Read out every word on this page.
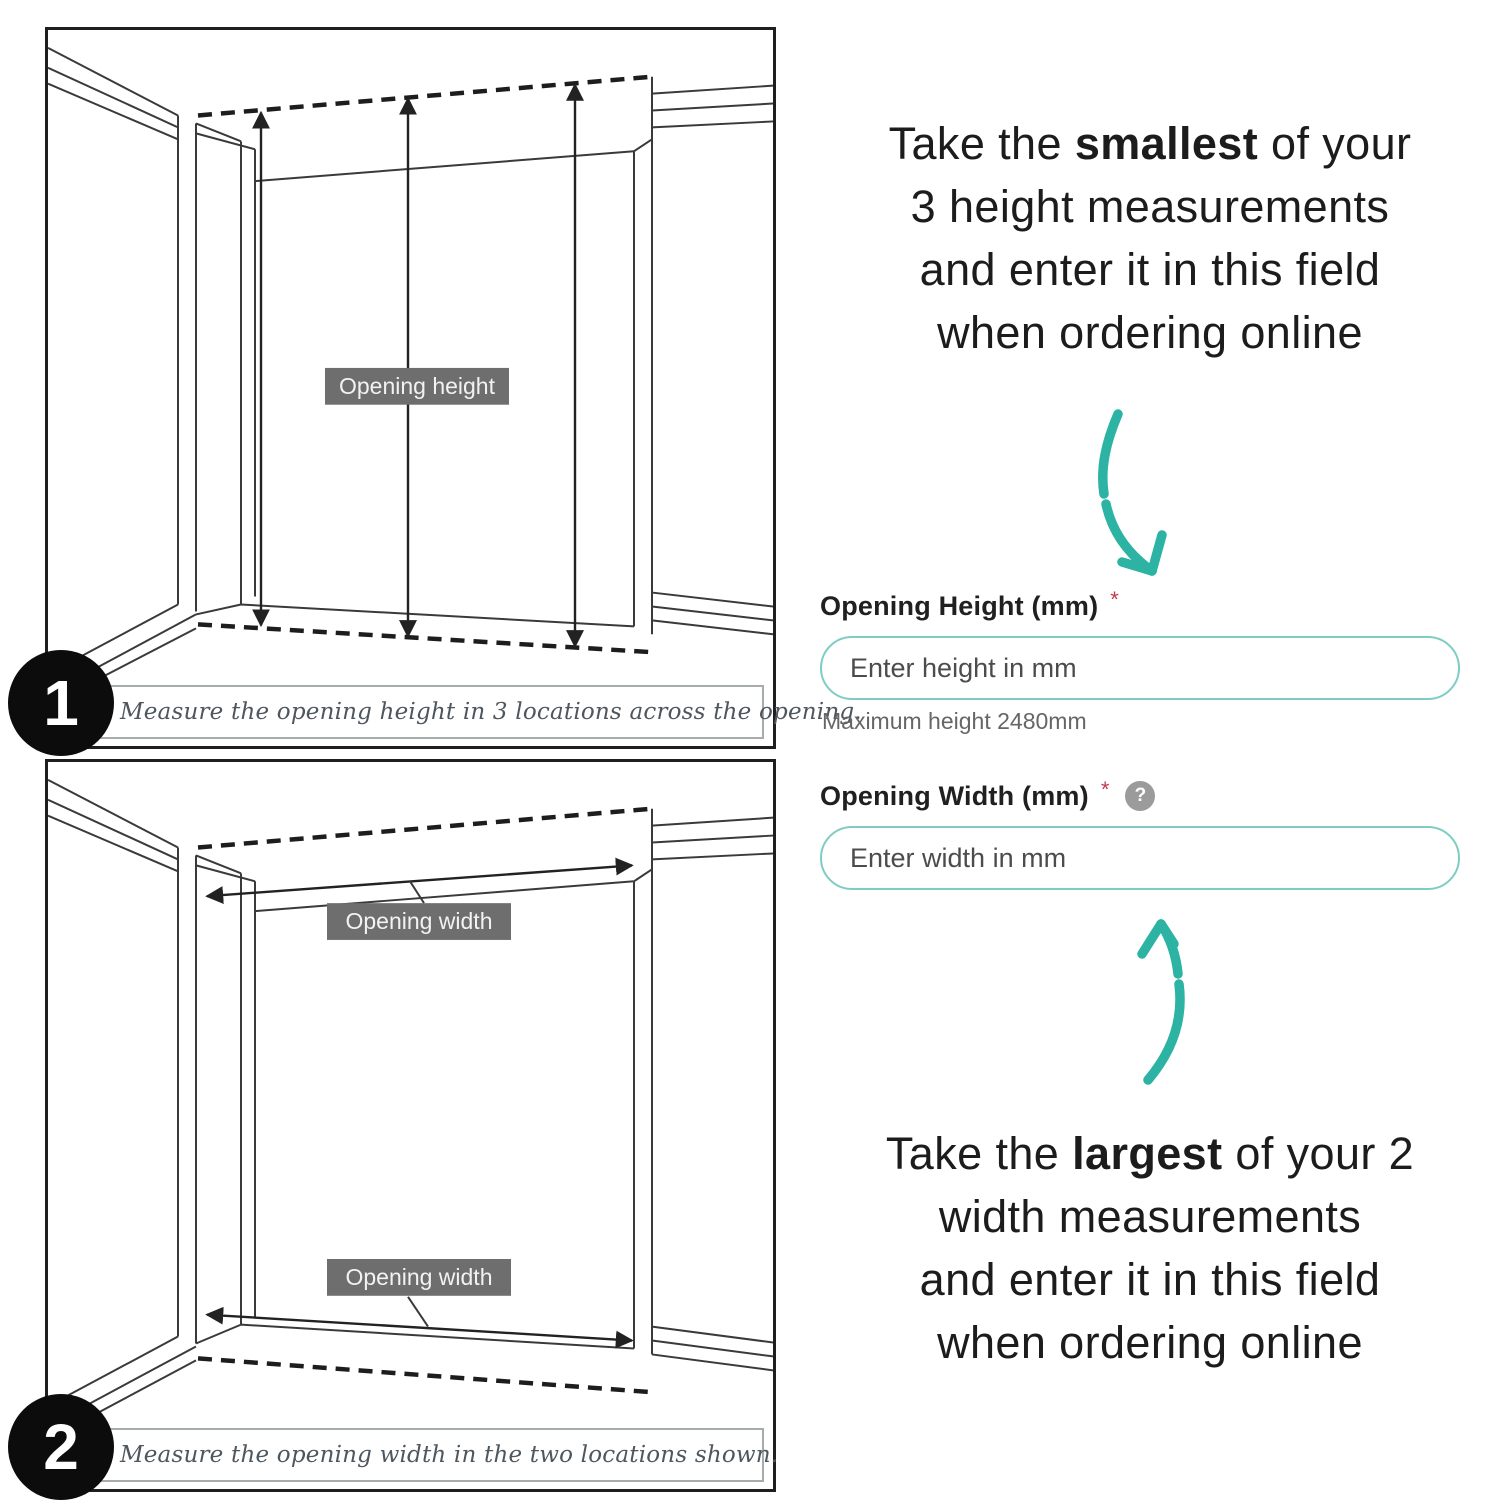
Opening height
Measure the opening height in 3 locations across the opening.
Opening width
Opening width
Measure the opening width in the two locations shown.
1
2
Take the smallest of your
3 height measurements
and enter it in this field
when ordering online
Opening Height (mm) *
Enter height in mm
Maximum height 2480mm
Opening Width (mm) *	?
Enter width in mm
Take the largest of your 2
width measurements
and enter it in this field
when ordering online
